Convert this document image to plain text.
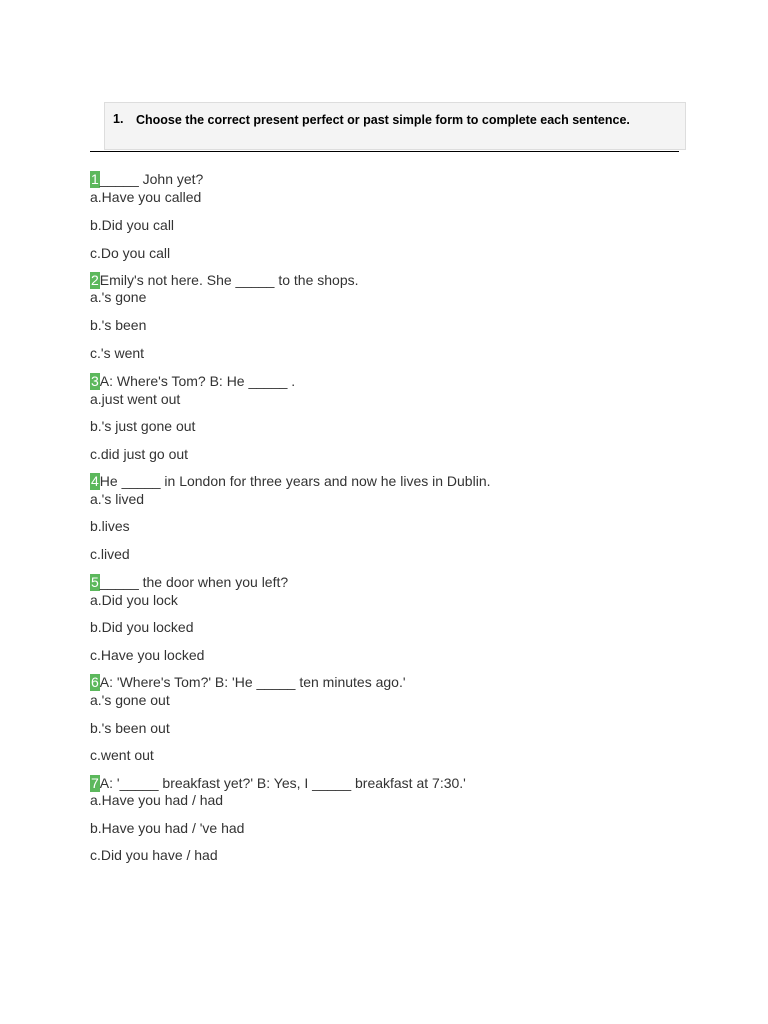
1. Choose the correct present perfect or past simple form to complete each sentence.
1_____ John yet?
a.Have you called
b.Did you call
c.Do you call
2Emily's not here. She _____ to the shops.
a.'s gone
b.'s been
c.'s went
3A: Where's Tom? B: He _____ .
a.just went out
b.'s just gone out
c.did just go out
4He _____ in London for three years and now he lives in Dublin.
a.'s lived
b.lives
c.lived
5_____ the door when you left?
a.Did you lock
b.Did you locked
c.Have you locked
6A: 'Where's Tom?' B: 'He _____ ten minutes ago.'
a.'s gone out
b.'s been out
c.went out
7A: '_____ breakfast yet?' B: Yes, I _____ breakfast at 7:30.'
a.Have you had / had
b.Have you had / 've had
c.Did you have / had
